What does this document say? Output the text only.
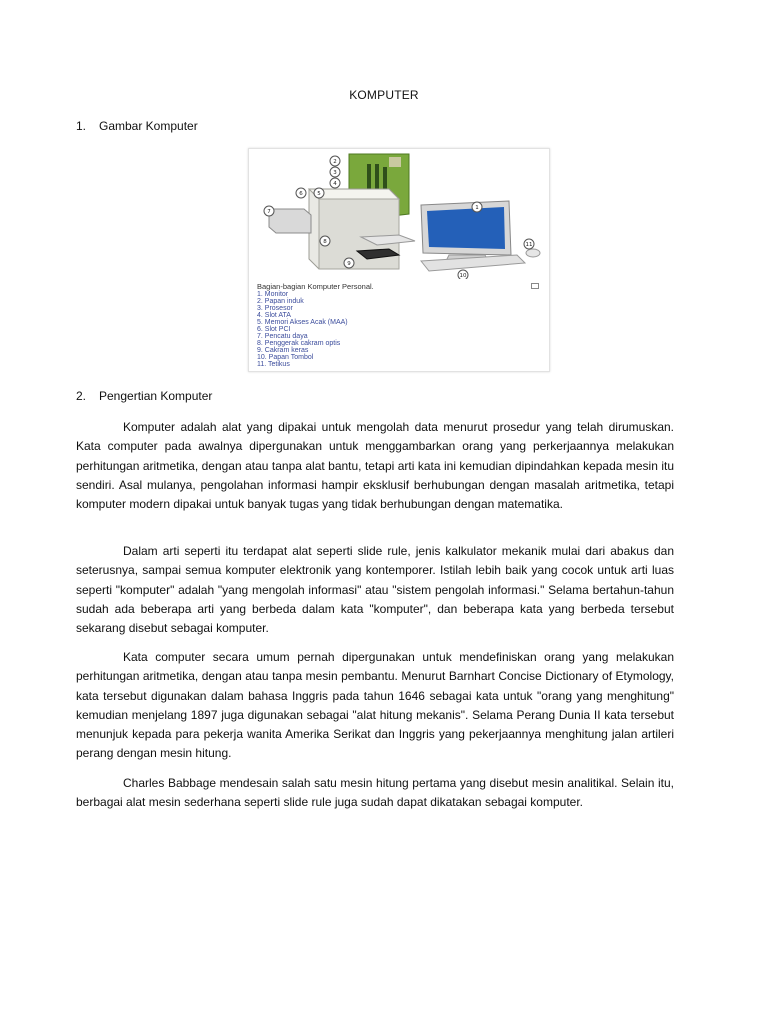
KOMPUTER
1. Gambar Komputer
2
3
4
5
6
7
8
9
1
10
11
Bagian-bagian Komputer Personal.
1. Monitor
2. Papan induk
3. Prosesor
4. Slot ATA
5. Memori Akses Acak (MAA)
6. Slot PCI
7. Pencatu daya
8. Penggerak cakram optis
9. Cakram keras
10. Papan Tombol
11. Tetikus
2. Pengertian Komputer

Komputer adalah alat yang dipakai untuk mengolah data menurut prosedur yang telah dirumuskan. Kata computer pada awalnya dipergunakan untuk menggambarkan orang yang perkerjaannya melakukan perhitungan aritmetika, dengan atau tanpa alat bantu, tetapi arti kata ini kemudian dipindahkan kepada mesin itu sendiri. Asal mulanya, pengolahan informasi hampir eksklusif berhubungan dengan masalah aritmetika, tetapi komputer modern dipakai untuk banyak tugas yang tidak berhubungan dengan matematika.

Dalam arti seperti itu terdapat alat seperti slide rule, jenis kalkulator mekanik mulai dari abakus dan seterusnya, sampai semua komputer elektronik yang kontemporer. Istilah lebih baik yang cocok untuk arti luas seperti "komputer" adalah "yang mengolah informasi" atau "sistem pengolah informasi." Selama bertahun-tahun sudah ada beberapa arti yang berbeda dalam kata "komputer", dan beberapa kata yang berbeda tersebut sekarang disebut sebagai komputer.

Kata computer secara umum pernah dipergunakan untuk mendefiniskan orang yang melakukan perhitungan aritmetika, dengan atau tanpa mesin pembantu. Menurut Barnhart Concise Dictionary of Etymology, kata tersebut digunakan dalam bahasa Inggris pada tahun 1646 sebagai kata untuk "orang yang menghitung" kemudian menjelang 1897 juga digunakan sebagai "alat hitung mekanis". Selama Perang Dunia II kata tersebut menunjuk kepada para pekerja wanita Amerika Serikat dan Inggris yang pekerjaannya menghitung jalan artileri perang dengan mesin hitung.

Charles Babbage mendesain salah satu mesin hitung pertama yang disebut mesin analitikal. Selain itu, berbagai alat mesin sederhana seperti slide rule juga sudah dapat dikatakan sebagai komputer.
